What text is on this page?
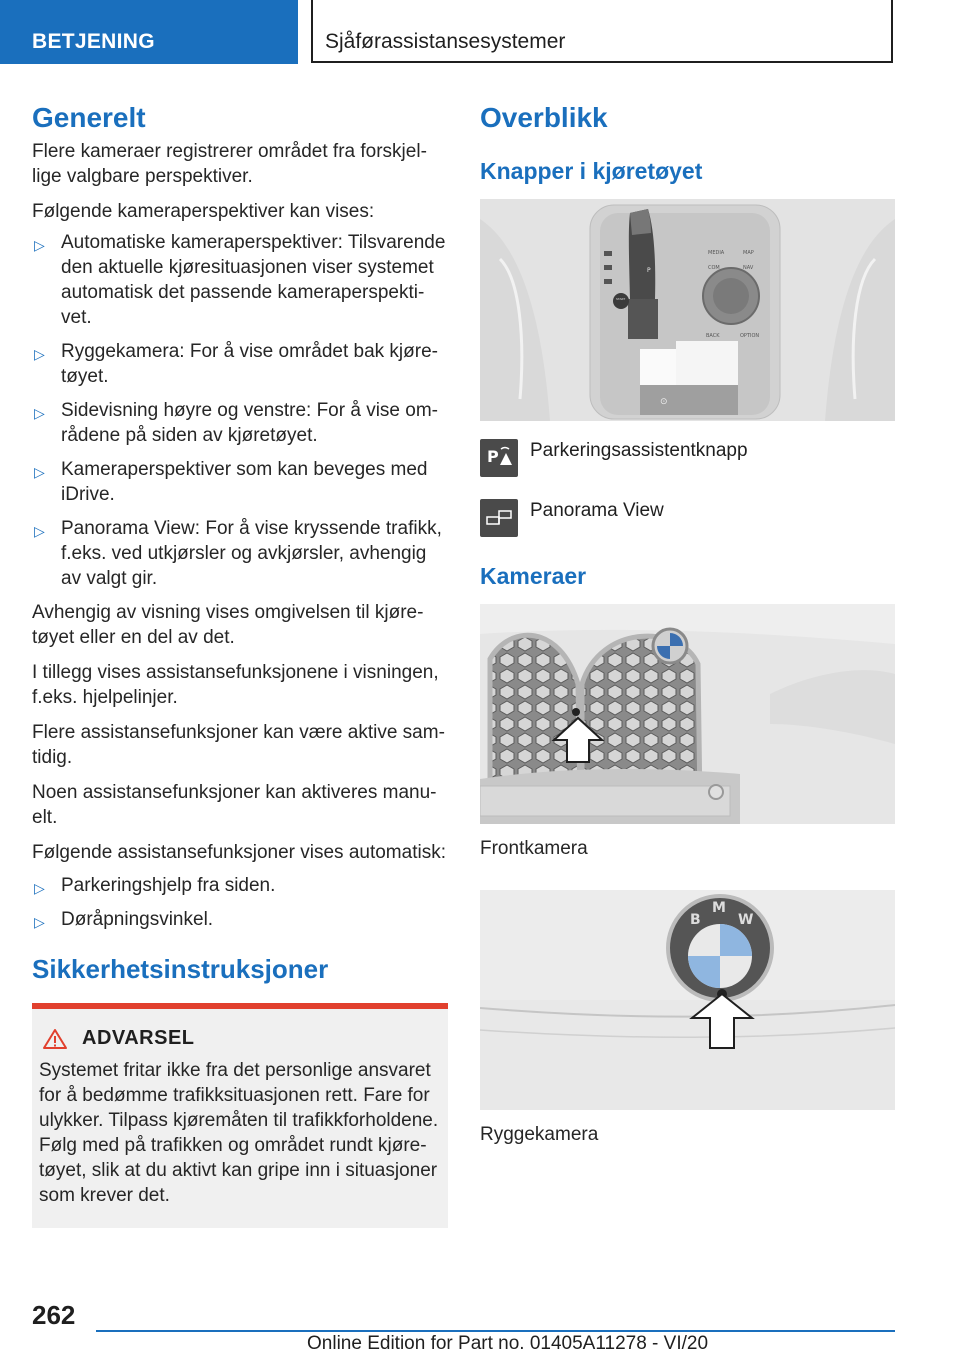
BETJENING	Sjåførassistansesystemer
Generelt

Flere kameraer registrerer området fra forskjellige valgbare perspektiver.

Følgende kameraperspektiver kan vises:

▷ Automatiske kameraperspektiver: Tilsvarende den aktuelle kjøresituasjonen viser systemet automatisk det passende kameraperspektivet.
▷ Ryggekamera: For å vise området bak kjøretøyet.
▷ Sidevisning høyre og venstre: For å vise områdene på siden av kjøretøyet.
▷ Kameraperspektiver som kan beveges med iDrive.
▷ Panorama View: For å vise kryssende trafikk, f.eks. ved utkjørsler og avkjørsler, avhengig av valgt gir.

Avhengig av visning vises omgivelsen til kjøretøyet eller en del av det.

I tillegg vises assistansefunksjonene i visningen, f.eks. hjelpelinjer.

Flere assistansefunksjoner kan være aktive samtidig.

Noen assistansefunksjoner kan aktiveres manuelt.

Følgende assistansefunksjoner vises automatisk:

▷ Parkeringshjelp fra siden.
▷ Døråpningsvinkel.
Sikkerhetsinstruksjoner
ADVARSEL

Systemet fritar ikke fra det personlige ansvaret for å bedømme trafikksituasjonen rett. Fare for ulykker. Tilpass kjøremåten til trafikkforholdene. Følg med på trafikken og området rundt kjøretøyet, slik at du aktivt kan gripe inn i situasjoner som krever det.

Overblikk
Knapper i kjøretøyet
⊙
MEDIA
COM
MAP
NAV
BACK	OPTION
P
START
P Parkeringsassistentknapp
Panorama View
Kameraer
Frontkamera
B
M
W
Ryggekamera
262
Online Edition for Part no. 01405A11278 - VI/20
